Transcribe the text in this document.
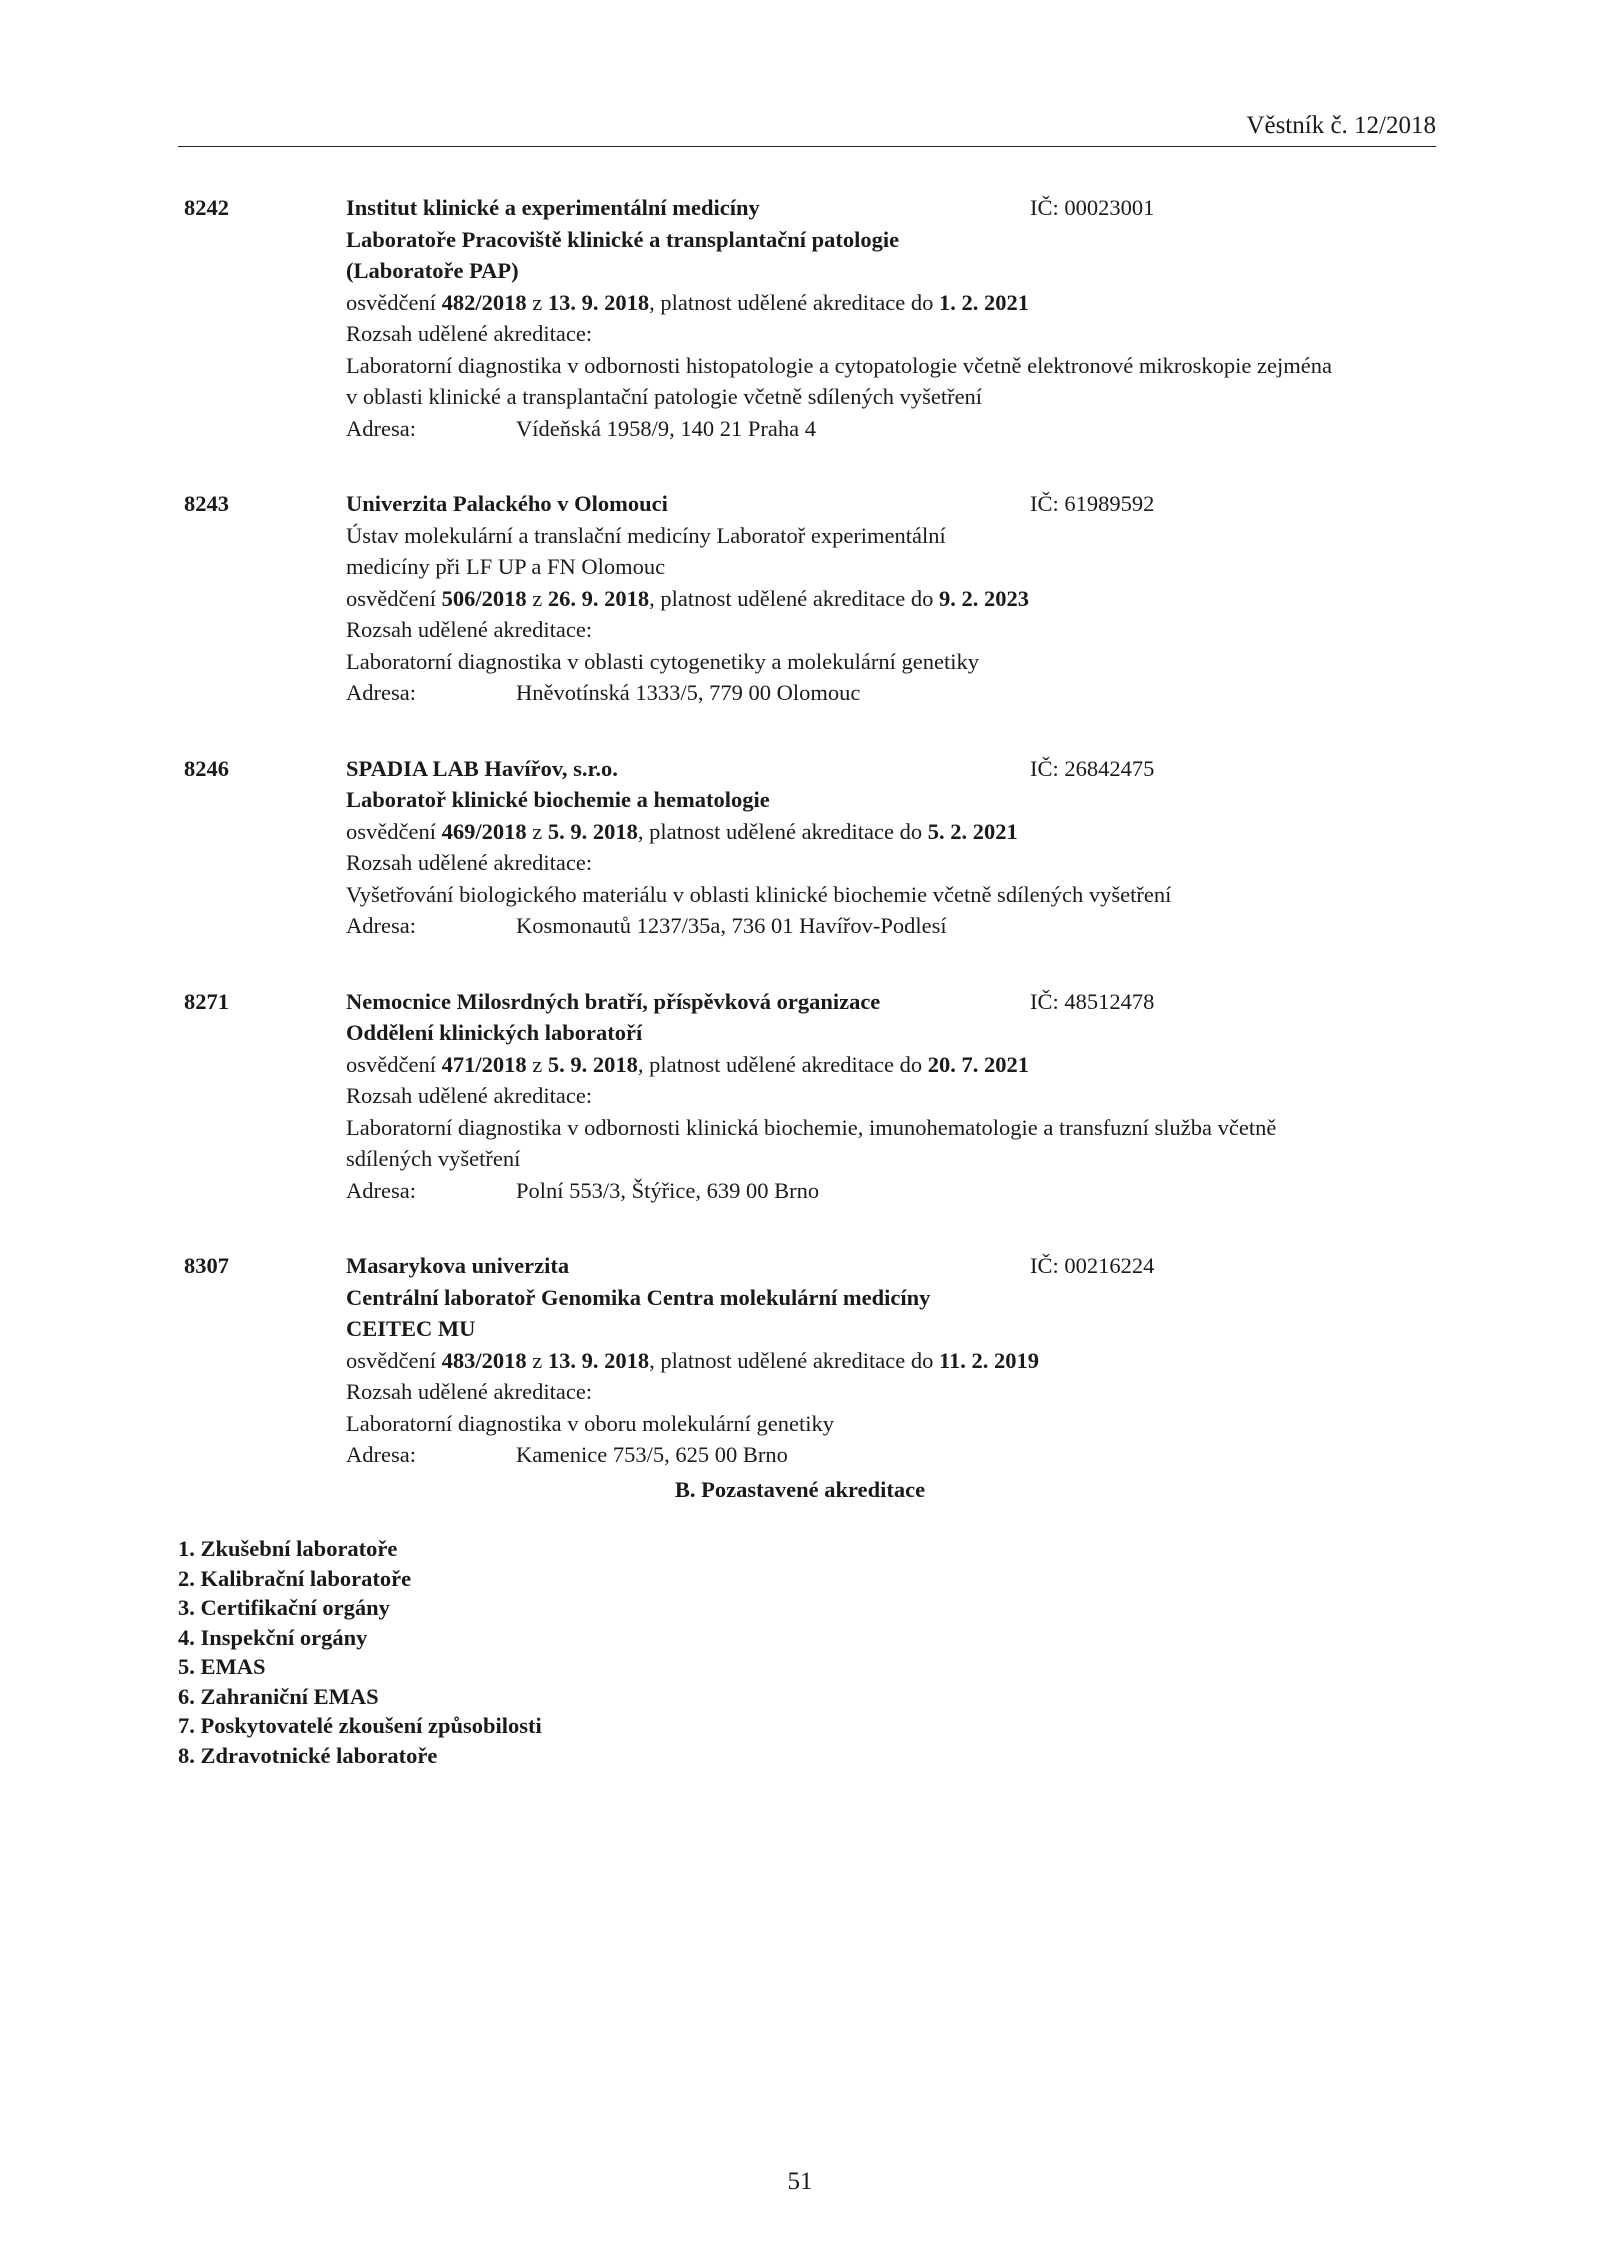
Věstník č. 12/2018
8242	Institut klinické a experimentální medicíny	IČ: 00023001
Laboratoře Pracoviště klinické a transplantační patologie
(Laboratoře PAP)
osvědčení 482/2018 z 13. 9. 2018, platnost udělené akreditace do 1. 2. 2021
Rozsah udělené akreditace:
Laboratorní diagnostika v odbornosti histopatologie a cytopatologie včetně elektronové mikroskopie zejména
v oblasti klinické a transplantační patologie včetně sdílených vyšetření
Adresa:	Vídeňská 1958/9, 140 21 Praha 4
8243	Univerzita Palackého v Olomouci	IČ: 61989592
Ústav molekulární a translační medicíny Laboratoř experimentální
medicíny při LF UP a FN Olomouc
osvědčení 506/2018 z 26. 9. 2018, platnost udělené akreditace do 9. 2. 2023
Rozsah udělené akreditace:
Laboratorní diagnostika v oblasti cytogenetiky a molekulární genetiky
Adresa:	Hněvotínská 1333/5, 779 00 Olomouc
8246	SPADIA LAB Havířov, s.r.o.	IČ: 26842475
Laboratoř klinické biochemie a hematologie
osvědčení 469/2018 z 5. 9. 2018, platnost udělené akreditace do 5. 2. 2021
Rozsah udělené akreditace:
Vyšetřování biologického materiálu v oblasti klinické biochemie včetně sdílených vyšetření
Adresa:	Kosmonautů 1237/35a, 736 01 Havířov-Podlesí
8271	Nemocnice Milosrdných bratří, příspěvková organizace	IČ: 48512478
Oddělení klinických laboratoří
osvědčení 471/2018 z 5. 9. 2018, platnost udělené akreditace do 20. 7. 2021
Rozsah udělené akreditace:
Laboratorní diagnostika v odbornosti klinická biochemie, imunohematologie a transfuzní služba včetně
sdílených vyšetření
Adresa:	Polní 553/3, Štýřice, 639 00 Brno
8307	Masarykova univerzita	IČ: 00216224
Centrální laboratoř Genomika Centra molekulární medicíny
CEITEC MU
osvědčení 483/2018 z 13. 9. 2018, platnost udělené akreditace do 11. 2. 2019
Rozsah udělené akreditace:
Laboratorní diagnostika v oboru molekulární genetiky
Adresa:	Kamenice 753/5, 625 00 Brno
B. Pozastavené akreditace
1. Zkušební laboratoře
2. Kalibrační laboratoře
3. Certifikační orgány
4. Inspekční orgány
5. EMAS
6. Zahraniční EMAS
7. Poskytovatelé zkoušení způsobilosti
8. Zdravotnické laboratoře
51
